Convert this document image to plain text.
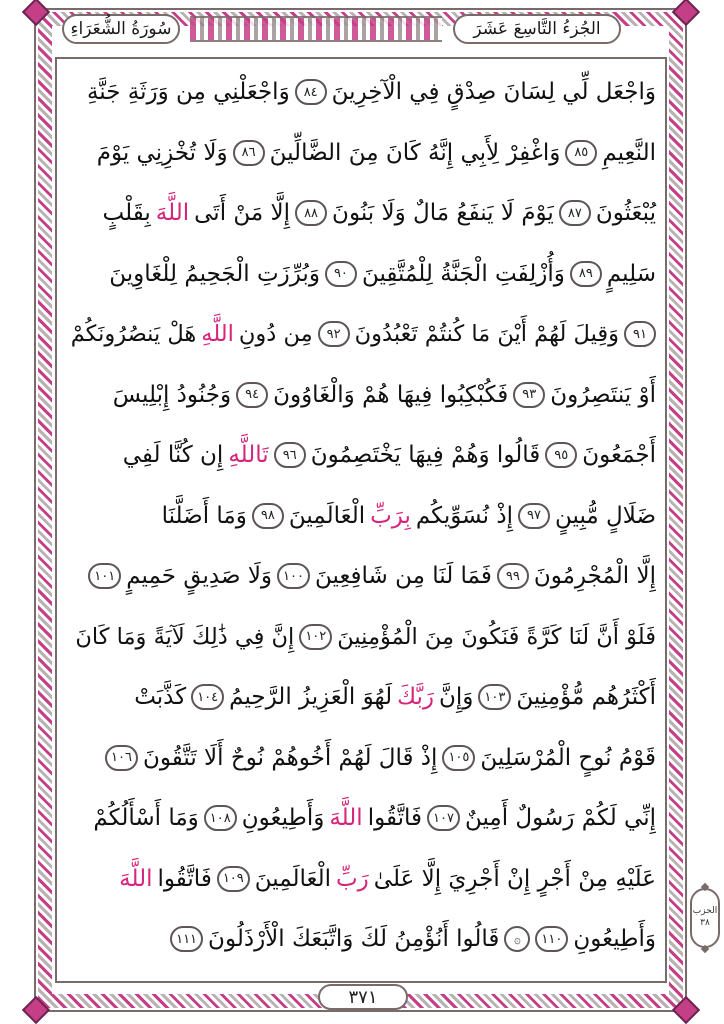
سُورَةُ الشُّعَرَاءِ	الجُزءُ التَّاسِعَ عَشَرَ
وَاجْعَل لِّي لِسَانَ صِدْقٍ فِي الْآخِرِينَ
٨٤
وَاجْعَلْنِي مِن وَرَثَةِ جَنَّةِ
النَّعِيمِ
٨٥
وَاغْفِرْ لِأَبِي إِنَّهُ كَانَ مِنَ الضَّالِّينَ
٨٦
وَلَا تُخْزِنِي يَوْمَ
يُبْعَثُونَ
٨٧
يَوْمَ لَا يَنفَعُ مَالٌ وَلَا بَنُونَ
٨٨
إِلَّا مَنْ أَتَى
اللَّهَ
بِقَلْبٍ
سَلِيمٍ
٨٩
وَأُزْلِفَتِ الْجَنَّةُ لِلْمُتَّقِينَ
٩٠
وَبُرِّزَتِ الْجَحِيمُ لِلْغَاوِينَ
٩١
وَقِيلَ لَهُمْ أَيْنَ مَا كُنتُمْ تَعْبُدُونَ
٩٢
مِن دُونِ
اللَّهِ
هَلْ يَنصُرُونَكُمْ
أَوْ يَنتَصِرُونَ
٩٣
فَكُبْكِبُوا فِيهَا هُمْ وَالْغَاوُونَ
٩٤
وَجُنُودُ إِبْلِيسَ
أَجْمَعُونَ
٩٥
قَالُوا وَهُمْ فِيهَا يَخْتَصِمُونَ
٩٦
تَاللَّهِ
إِن كُنَّا لَفِي
ضَلَالٍ مُّبِينٍ
٩٧
إِذْ نُسَوِّيكُم
بِرَبِّ
الْعَالَمِينَ
٩٨
وَمَا أَضَلَّنَا
إِلَّا الْمُجْرِمُونَ
٩٩
فَمَا لَنَا مِن شَافِعِينَ
١٠٠
وَلَا صَدِيقٍ حَمِيمٍ
١٠١
فَلَوْ أَنَّ لَنَا كَرَّةً فَنَكُونَ مِنَ الْمُؤْمِنِينَ
١٠٢
إِنَّ فِي ذَٰلِكَ لَآيَةً وَمَا كَانَ
أَكْثَرُهُم مُّؤْمِنِينَ
١٠٣
وَإِنَّ
رَبَّكَ
لَهُوَ الْعَزِيزُ الرَّحِيمُ
١٠٤
كَذَّبَتْ
قَوْمُ نُوحٍ الْمُرْسَلِينَ
١٠٥
إِذْ قَالَ لَهُمْ أَخُوهُمْ نُوحٌ أَلَا تَتَّقُونَ
١٠٦
إِنِّي لَكُمْ رَسُولٌ أَمِينٌ
١٠٧
فَاتَّقُوا
اللَّهَ
وَأَطِيعُونِ
١٠٨
وَمَا أَسْأَلُكُمْ
عَلَيْهِ مِنْ أَجْرٍ إِنْ أَجْرِيَ إِلَّا عَلَىٰ
رَبِّ
الْعَالَمِينَ
١٠٩
فَاتَّقُوا
اللَّهَ
وَأَطِيعُونِ
١١٠
۞
قَالُوا أَنُؤْمِنُ لَكَ وَاتَّبَعَكَ الْأَرْذَلُونَ
١١١
الحزب
٣٨
٣٧١
